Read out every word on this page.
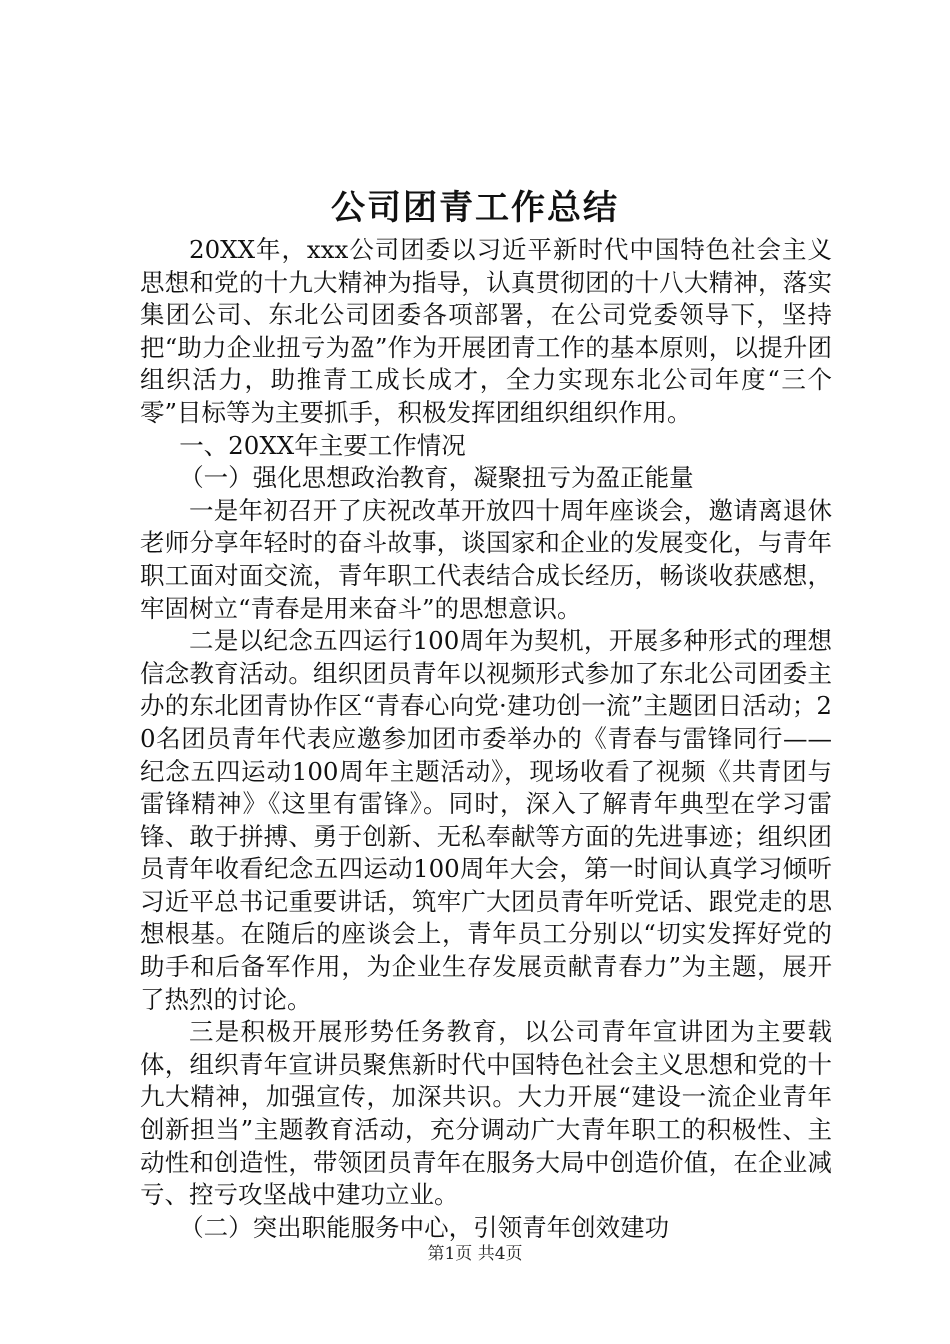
公司团青工作总结

20XX年，xxx公司团委以习近平新时代中国特色社会主义思想和党的十九大精神为指导，认真贯彻团的十八大精神，落实集团公司、东北公司团委各项部署，在公司党委领导下，坚持把“助力企业扭亏为盈”作为开展团青工作的基本原则，以提升团组织活力，助推青工成长成才，全力实现东北公司年度“三个零”目标等为主要抓手，积极发挥团组织组织作用。

一、20XX年主要工作情况

（一）强化思想政治教育，凝聚扭亏为盈正能量

一是年初召开了庆祝改革开放四十周年座谈会，邀请离退休老师分享年轻时的奋斗故事，谈国家和企业的发展变化，与青年职工面对面交流，青年职工代表结合成长经历，畅谈收获感想，牢固树立“青春是用来奋斗”的思想意识。

二是以纪念五四运行100周年为契机，开展多种形式的理想信念教育活动。组织团员青年以视频形式参加了东北公司团委主办的东北团青协作区“青春心向党·建功创一流”主题团日活动；20名团员青年代表应邀参加团市委举办的《青春与雷锋同行——纪念五四运动100周年主题活动》，现场收看了视频《共青团与雷锋精神》《这里有雷锋》。同时，深入了解青年典型在学习雷锋、敢于拼搏、勇于创新、无私奉献等方面的先进事迹；组织团员青年收看纪念五四运动100周年大会，第一时间认真学习倾听习近平总书记重要讲话，筑牢广大团员青年听党话、跟党走的思想根基。在随后的座谈会上，青年员工分别以“切实发挥好党的助手和后备军作用，为企业生存发展贡献青春力”为主题，展开了热烈的讨论。

三是积极开展形势任务教育，以公司青年宣讲团为主要载体，组织青年宣讲员聚焦新时代中国特色社会主义思想和党的十九大精神，加强宣传，加深共识。大力开展“建设一流企业青年创新担当”主题教育活动，充分调动广大青年职工的积极性、主动性和创造性，带领团员青年在服务大局中创造价值，在企业减亏、控亏攻坚战中建功立业。

（二）突出职能服务中心，引领青年创效建功

第1页 共4页
